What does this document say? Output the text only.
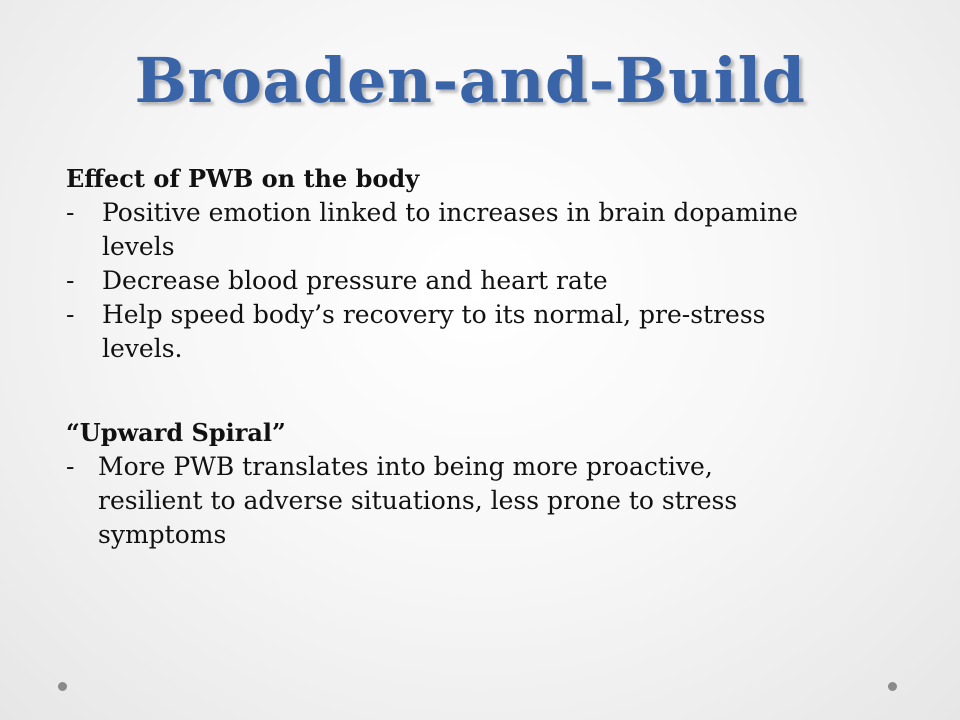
Broaden-and-Build
Effect of PWB on the body
- Positive emotion linked to increases in brain dopamine levels
- Decrease blood pressure and heart rate
- Help speed body’s recovery to its normal, pre-stress levels.
“Upward Spiral”
- More PWB translates into being more proactive, resilient to adverse situations, less prone to stress symptoms
